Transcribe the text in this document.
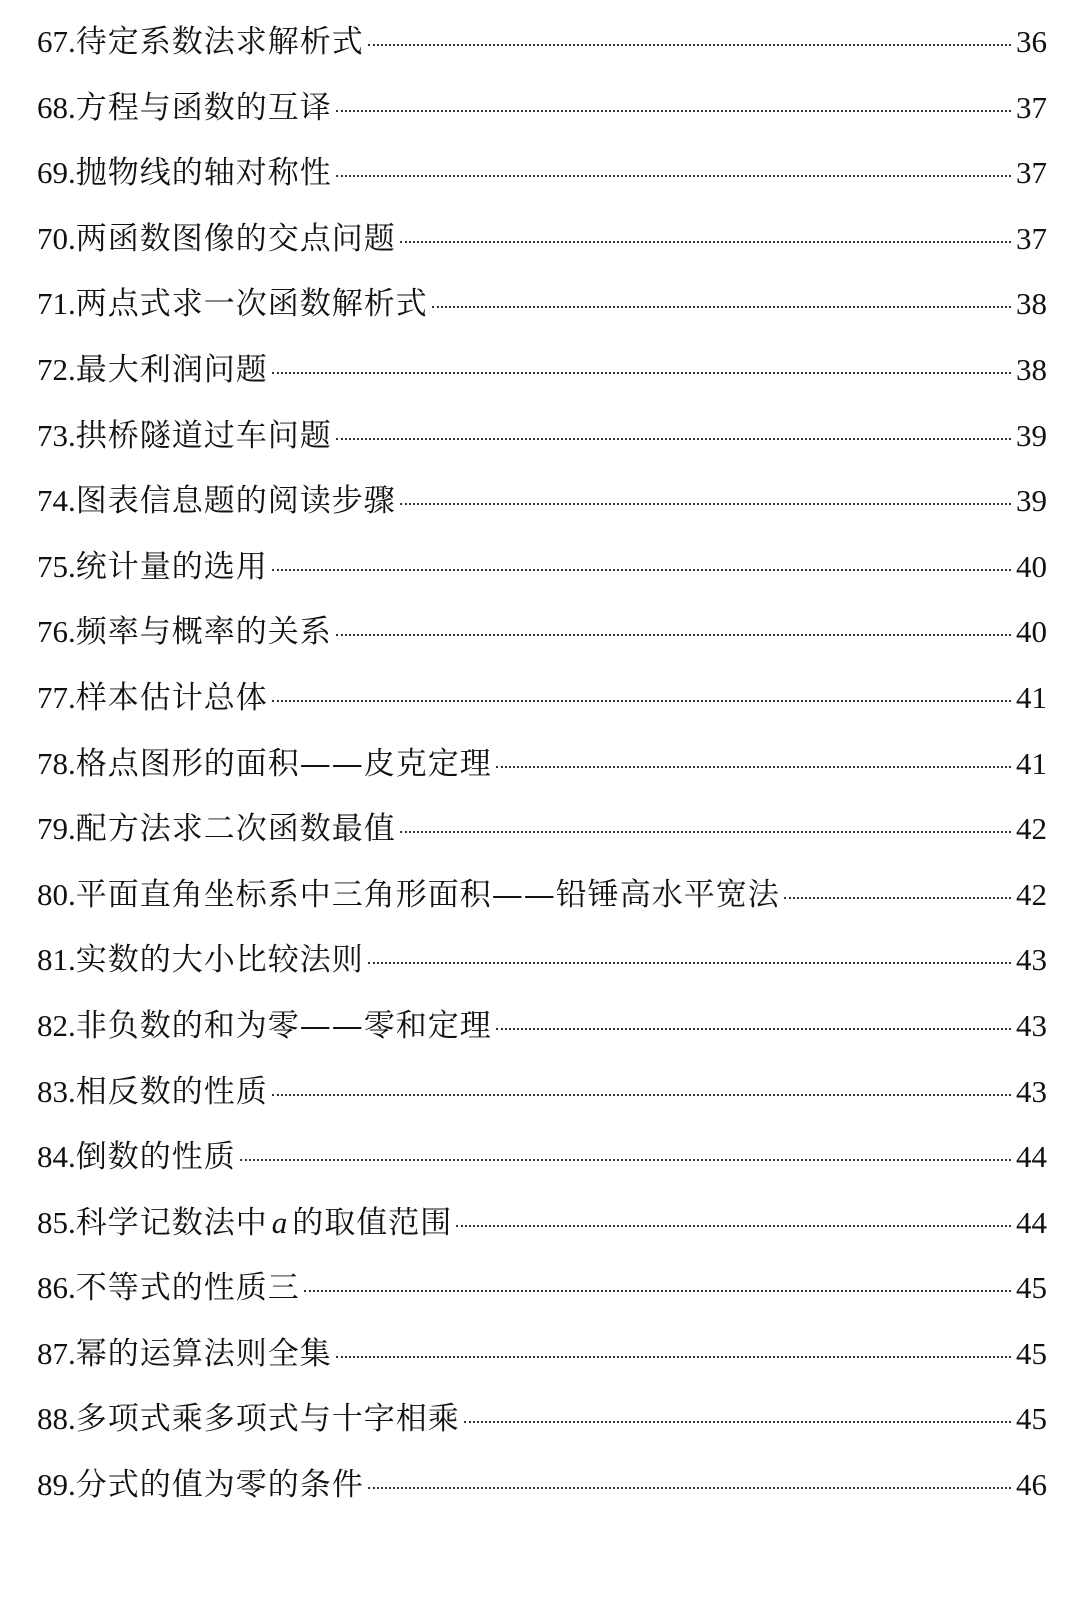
67. 待定系数法求解析式	36
68. 方程与函数的互译	37
69. 抛物线的轴对称性	37
70. 两函数图像的交点问题	37
71. 两点式求一次函数解析式	38
72. 最大利润问题	38
73. 拱桥隧道过车问题	39
74. 图表信息题的阅读步骤	39
75. 统计量的选用	40
76. 频率与概率的关系	40
77. 样本估计总体	41
78. 格点图形的面积——皮克定理	41
79. 配方法求二次函数最值	42
80. 平面直角坐标系中三角形面积——铅锤高水平宽法	42
81. 实数的大小比较法则	43
82. 非负数的和为零——零和定理	43
83. 相反数的性质	43
84. 倒数的性质	44
85. 科学记数法中 a 的取值范围	44
86. 不等式的性质三	45
87. 幂的运算法则全集	45
88. 多项式乘多项式与十字相乘	45
89. 分式的值为零的条件	46
